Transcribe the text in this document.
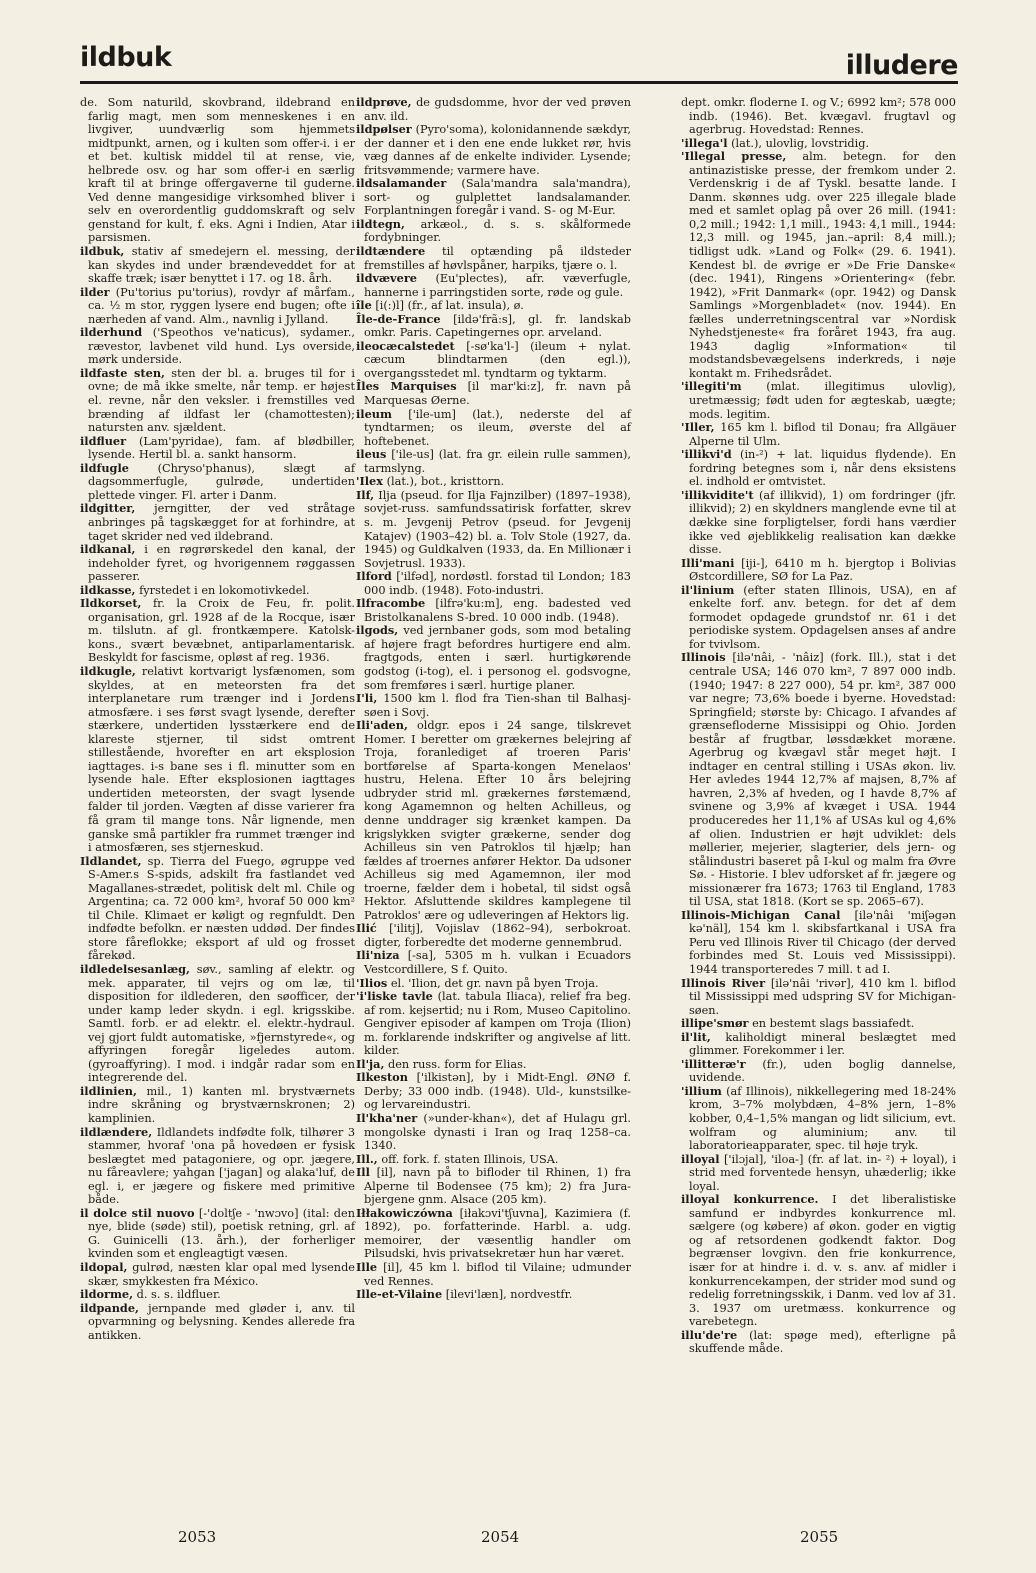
ildbuk	illudere

de. Som naturild, skovbrand, ildebrand en farlig magt, men som menneskenes i en livgiver, uundværlig som hjemmets midtpunkt, arnen, og i kulten som offer-i. i er et bet. kultisk middel til at rense, vie, helbrede osv. og har som offer-i en særlig kraft til at bringe offergaverne til guderne. Ved denne mangesidige virksomhed bliver i selv en overordentlig guddomskraft og selv genstand for kult, f. eks. Agni i Indien, Atar i parsismen.

ildbuk, stativ af smedejern el. messing, der kan skydes ind under brændeveddet for at skaffe træk; især benyttet i 17. og 18. årh.

ilder (Pu'torius pu'torius), rovdyr af mårfam., ca. ½ m stor, ryggen lysere end bugen; ofte i nærheden af vand. Alm., navnlig i Jylland.

ilderhund ('Speothos ve'naticus), sydamer., rævestor, lavbenet vild hund. Lys overside, mørk underside.

ildfaste sten, sten der bl. a. bruges til for i ovne; de må ikke smelte, når temp. er højest el. revne, når den veksler. i fremstilles ved brænding af ildfast ler (chamottesten); natursten anv. sjældent.

ildfluer (Lam'pyridae), fam. af blødbiller, lysende. Hertil bl. a. sankt hansorm.

ildfugle	(Chryso'phanus), slægt af dagsommerfugle, gulrøde, undertiden plettede vinger. Fl. arter i Danm.

ildgitter, jerngitter, der ved stråtage anbringes på tagskægget for at forhindre, at taget skrider ned ved ildebrand.

ildkanal, i en røgrørskedel den kanal, der indeholder fyret, og hvorigennem røggassen passerer.

ildkasse, fyrstedet i en lokomotivkedel.

Ildkorset, fr. la Croix de Feu, fr. polit. organisation, grl. 1928 af de la Rocque, især m. tilslutn. af gl. frontkæmpere. Katolsk-kons., svært bevæbnet, antiparlamentarisk. Beskyldt for fascisme, opløst af reg. 1936.

ildkugle, relativt kortvarigt lysfænomen, som skyldes, at en meteorsten fra det interplanetare rum trænger ind i Jordens atmosfære. i ses først svagt lysende, derefter stærkere, undertiden lysstærkere end de klareste stjerner, til sidst omtrent stillestående, hvorefter en art eksplosion iagttages. i-s bane ses i fl. minutter som en lysende hale. Efter eksplosionen iagttages undertiden meteorsten, der svagt lysende falder til jorden. Vægten af disse varierer fra få gram til mange tons. Når lignende, men ganske små partikler fra rummet trænger ind i atmosfæren, ses stjerneskud.

Ildlandet, sp. Tierra del Fuego, øgruppe ved S-Amer.s S-spids, adskilt fra fastlandet ved Magallanes-strædet, politisk delt ml. Chile og Argentina; ca. 72 000 km², hvoraf 50 000 km² til Chile. Klimaet er køligt og regnfuldt. Den indfødte befolkn. er næsten uddød. Der findes store fåreflokke; eksport af uld og frosset fårekød.

ildledelsesanlæg, søv., samling af elektr. og mek. apparater, til vejrs og om læ, til disposition for ildlederen, den søofficer, der under kamp leder skydn. i egl. krigsskibe. Samtl. forb. er ad elektr. el. elektr.-hydraul. vej gjort fuldt automatiske, »fjernstyrede«, og affyringen foregår ligeledes autom. (gyroaffyring). I mod. i indgår radar som en integrerende del.

ildlinien, mil., 1) kanten ml. brystværnets indre skråning og brystværnskronen; 2) kamplinien.

ildlændere, Ildlandets indfødte folk, tilhører 3 stammer, hvoraf 'ona på hovedøen er fysisk beslægtet med patagoniere, og opr. jægere, nu fåreavlere; yahgan ['jagan] og alaka'luf, de egl. i, er jægere og fiskere med primitive både.

il dolce stil nuovo [-'doltʃe - 'nwɔvo] (ital: den nye, blide (søde) stil), poetisk retning, grl. af G. Guinicelli (13. årh.), der forherliger kvinden som et engleagtigt væsen.

ildopal, gulrød, næsten klar opal med lysende skær, smykkesten fra México.

ildorme, d. s. s. ildfluer.

ildpande, jernpande med gløder i, anv. til opvarmning og belysning. Kendes allerede fra antikken.

ildprøve, de gudsdomme, hvor der ved prøven anv. ild.

ildpølser (Pyro'soma), kolonidannende sækdyr, der danner et i den ene ende lukket rør, hvis væg dannes af de enkelte individer. Lysende; fritsvømmende; varmere have.

ildsalamander (Sala'mandra sala'mandra), sort- og gulplettet landsalamander. Forplantningen foregår i vand. S- og M-Eur.

ildtegn, arkæol., d. s. s. skålformede fordybninger.

ildtændere til optænding på ildsteder fremstilles af høvlspåner, harpiks, tjære o. l.

ildvævere (Eu'plectes), afr. væverfugle, hannerne i parringstiden sorte, røde og gule.

île [i(:)l] (fr., af lat. insula), ø.

Île-de-France [ildə'frã:s], gl. fr. landskab omkr. Paris. Capetingernes opr. arveland.

ileocæcalstedet [-sø'ka'l-] (ileum + nylat. cæcum blindtarmen (den egl.)), overgangsstedet ml. tyndtarm og tyktarm.

Îles Marquises [il mar'ki:z], fr. navn på Marquesas Øerne.

ileum ['ile-um] (lat.), nederste del af tyndtarmen; os ileum, øverste del af hoftebenet.

ileus ['ile-us] (lat. fra gr. eilein rulle sammen), tarmslyng.

'Ilex (lat.), bot., kristtorn.

Ilf, Ilja (pseud. for Ilja Fajnzilber) (1897–1938), sovjet-russ. samfundssatirisk forfatter, skrev s. m. Jevgenij Petrov (pseud. for Jevgenij Katajev) (1903–42) bl. a. Tolv Stole (1927, da. 1945) og Guldkalven (1933, da. En Millionær i Sovjetrusl. 1933).

Ilford ['ilfəd], nordøstl. forstad til London; 183 000 indb. (1948). Foto-industri.

Ilfracombe [ilfrə'ku:m], eng. badested ved Bristolkanalens S-bred. 10 000 indb. (1948).

ilgods, ved jernbaner gods, som mod betaling af højere fragt befordres hurtigere end alm. fragtgods, enten i særl. hurtigkørende godstog (i-tog), el. i personog el. godsvogne, som fremføres i særl. hurtige planer.

I'li, 1500 km l. flod fra Tien-shan til Balhasj-søen i Sovj.

Ili'aden, oldgr. epos i 24 sange, tilskrevet Homer. I beretter om grækernes belejring af Troja, foranlediget af troeren Paris' bortførelse af Sparta-kongen Menelaos' hustru, Helena. Efter 10 års belejring udbryder strid ml. grækernes førstemænd, kong Agamemnon og helten Achilleus, og denne unddrager sig krænket kampen. Da krigslykken svigter grækerne, sender dog Achilleus sin ven Patroklos til hjælp; han fældes af troernes anfører Hektor. Da udsoner Achilleus sig med Agamemnon, iler mod troerne, fælder dem i hobetal, til sidst også Hektor. Afsluttende skildres kamplegene til Patroklos' ære og udleveringen af Hektors lig.

Ilić ['ilitj], Vojislav (1862–94), serbokroat. digter, forberedte det moderne gennembrud.

Ili'niza [-sa], 5305 m h. vulkan i Ecuadors Vestcordillere, S f. Quito.

'Ilios el. 'Ilion, det gr. navn på byen Troja.

'i'liske tavle (lat. tabula Iliaca), relief fra beg. af rom. kejsertid; nu i Rom, Museo Capitolino. Gengiver episoder af kampen om Troja (Ilion) m. forklarende indskrifter og angivelse af litt. kilder.

Il'ja, den russ. form for Elias.

Ilkeston ['ilkistən], by i Midt-Engl. ØNØ f. Derby; 33 000 indb. (1948). Uld-, kunstsilke- og lervareindustri.

Il'kha'ner (»under-khan«), det af Hulagu grl. mongolske dynasti i Iran og Iraq 1258–ca. 1340.

Ill., off. fork. f. staten Illinois, USA.

Ill [il], navn på to bifloder til Rhinen, 1) fra Alperne til Bodensee (75 km); 2) fra Jura-bjergene gnm. Alsace (205 km).

Iłłakowiczówna [iłakɔvi'tʃuvna], Kazimiera (f. 1892), po. forfatterinde. Harbl. a. udg. memoirer, der væsentlig handler om Pilsudski, hvis privatsekretær hun har været.

Ille [il], 45 km l. biflod til Vilaine; udmunder ved Rennes.

Ille-et-Vilaine [ilevi'læn], nordvestfr.

dept. omkr. floderne I. og V.; 6992 km²; 578 000 indb. (1946). Bet. kvægavl. frugtavl og agerbrug. Hovedstad: Rennes.

'illega'l (lat.), ulovlig, lovstridig.

'Illegal presse, alm. betegn. for den antinazistiske presse, der fremkom under 2. Verdenskrig i de af Tyskl. besatte lande. I Danm. skønnes udg. over 225 illegale blade med et samlet oplag på over 26 mill. (1941: 0,2 mill.; 1942: 1,1 mill., 1943: 4,1 mill., 1944: 12,3 mill. og 1945, jan.–april: 8,4 mill.); tidligst udk. »Land og Folk« (29. 6. 1941). Kendest bl. de øvrige er »De Frie Danske« (dec. 1941), Ringens »Orientering« (febr. 1942), »Frit Danmark« (opr. 1942) og Dansk Samlings »Morgenbladet« (nov. 1944). En fælles underretningscentral var »Nordisk Nyhedstjeneste« fra foråret 1943, fra aug. 1943 daglig »Information« til modstandsbevægelsens inderkreds, i nøje kontakt m. Frihedsrådet.

'illegiti'm (mlat. illegitimus ulovlig), uretmæssig; født uden for ægteskab, uægte; mods. legitim.

'Iller, 165 km l. biflod til Donau; fra Allgäuer Alperne til Ulm.

'illikvi'd (in-²) + lat. liquidus flydende). En fordring betegnes som i, når dens eksistens el. indhold er omtvistet.

'illikvidite't (af illikvid), 1) om fordringer (jfr. illikvid); 2) en skyldners manglende evne til at dække sine forpligtelser, fordi hans værdier ikke ved øjeblikkelig realisation kan dække disse.

Illi'mani [iji-], 6410 m h. bjergtop i Bolivias Østcordillere, SØ for La Paz.

il'linium (efter staten Illinois, USA), en af enkelte forf. anv. betegn. for det af dem formodet opdagede grundstof nr. 61 i det periodiske system. Opdagelsen anses af andre for tvivlsom.

Illinois [ilə'nâi, - 'nâiz] (fork. Ill.), stat i det centrale USA; 146 070 km², 7 897 000 indb. (1940; 1947: 8 227 000), 54 pr. km², 387 000 var negre; 73,6% boede i byerne. Hovedstad: Springfield; største by: Chicago. I afvandes af grænsefloderne Missisippi og Ohio. Jorden består af frugtbar, løssdækket moræne. Agerbrug og kvægavl står meget højt. I indtager en central stilling i USAs økon. liv. Her avledes 1944 12,7% af majsen, 8,7% af havren, 2,3% af hveden, og I havde 8,7% af svinene og 3,9% af kvæget i USA. 1944 produceredes her 11,1% af USAs kul og 4,6% af olien. Industrien er højt udviklet: dels møllerier, mejerier, slagterier, dels jern- og stålindustri baseret på I-kul og malm fra Øvre Sø. - Historie. I blev udforsket af fr. jægere og missionærer fra 1673; 1763 til England, 1783 til USA, stat 1818. (Kort se sp. 2065–67).

Illinois-Michigan Canal [ilə'nâi 'miʃəgən kə'näl], 154 km l. skibsfartkanal i USA fra Peru ved Illinois River til Chicago (der derved forbindes med St. Louis ved Mississippi). 1944 transporteredes 7 mill. t ad I.

Illinois River [ilə'nâi 'rivər], 410 km l. biflod til Mississippi med udspring SV for Michigan-søen.

illipe'smør en bestemt slags bassiafedt.

il'lit, kaliholdigt mineral beslægtet med glimmer. Forekommer i ler.

'illitteræ'r (fr.), uden boglig dannelse, uvidende.

'illium (af Illinois), nikkellegering med 18-24% krom, 3–7% molybdæn, 4–8% jern, 1–8% kobber, 0,4–1,5% mangan og lidt silicium, evt. wolfram og aluminium; anv. til laboratorieapparater, spec. til høje tryk.

illoyal ['ilɔjal], 'iloa-] (fr. af lat. in- ²) + loyal), i strid med forventede hensyn, uhæderlig; ikke loyal.

illoyal konkurrence. I det liberalistiske samfund er indbyrdes konkurrence ml. sælgere (og købere) af økon. goder en vigtig og af retsordenen godkendt faktor. Dog begrænser lovgivn. den frie konkurrence, især for at hindre i. d. v. s. anv. af midler i konkurrencekampen, der strider mod sund og redelig forretningsskik, i Danm. ved lov af 31. 3. 1937 om uretmæss. konkurrence og varebetegn.

illu'de're (lat: spøge med), efterligne på skuffende måde.

2053	2054	2055
